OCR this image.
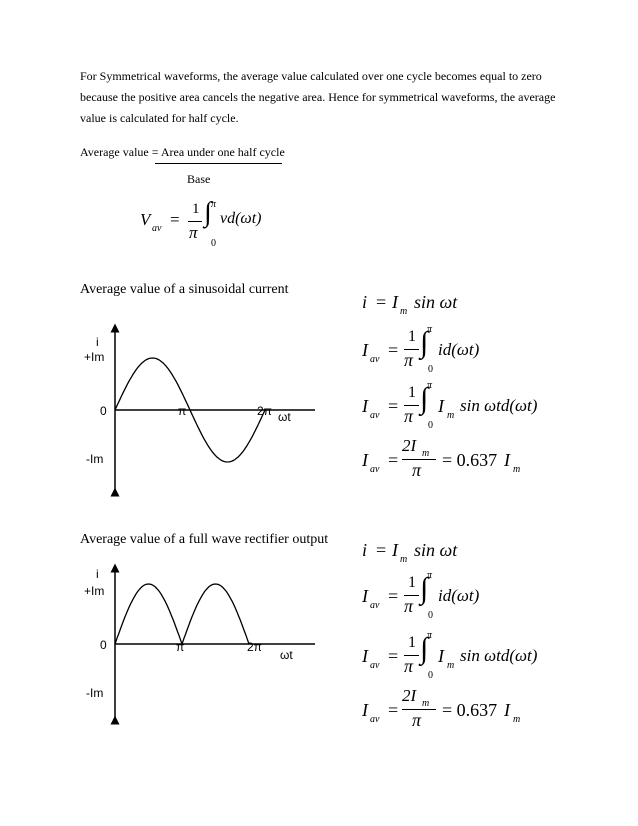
For Symmetrical waveforms, the average value calculated over one cycle becomes equal to zero

because the positive area cancels the negative area. Hence for symmetrical waveforms, the average

value is calculated for half cycle.

Average value = Area under one half cycle
Base
V av =
1
π
π
∫
0
vd(ωt)
Average value of a sinusoidal current
i
+Im
0
-Im
π	2π ωt
i = I m sin ωt
I av =
1
π
π
∫
0
id(ωt)
I av =
1
π
π
∫
0
I m
sin ωtd(ωt)
I av =
2I m
π = 0.637 I m
Average value of a full wave rectifier output
i
+Im
0
-Im
π	2π
ωt
i = I m sin ωt
I av =
1
π
π
∫
0
id(ωt)
I av =
1
π
π
∫
0
I m
sin ωtd(ωt)
I av =
2I m
π = 0.637 I m
